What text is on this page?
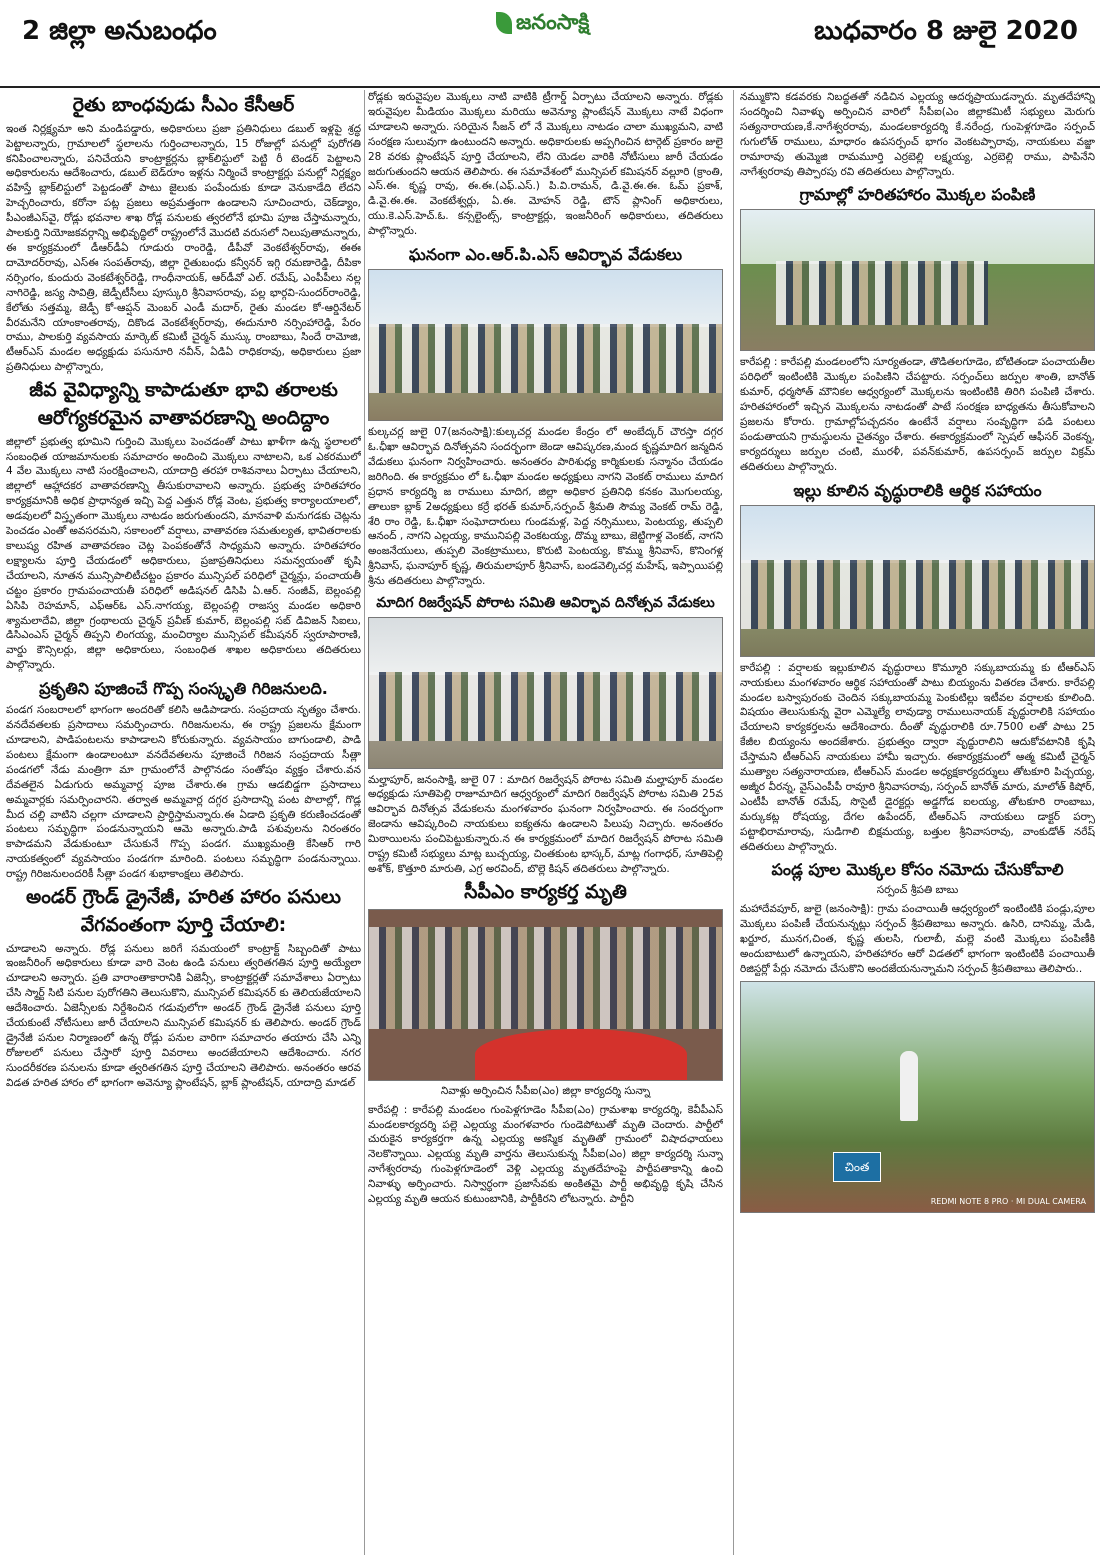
2 జిల్లా అనుబంధం	జనంసాక్షి	బుధవారం 8 జులై 2020
రైతు బాంధవుడు సీఎం కేసీఆర్

ఇంత నిర్లక్ష్యమా అని మండిపడ్డారు, అధికారులు ప్రజా ప్రతినిధులు డబుల్ ఇళ్లపై శ్రద్ధ పెట్టాలన్నారు, గ్రామాలలో స్థలాలను గుర్తించాలన్నారు, 15 రోజుల్లో పనుల్లో పురోగతి కనిపించాలన్నారు, పనిచేయని కాంట్రాక్టర్లను బ్లాక్‌లిస్టులో పెట్టి రీ టెండర్ పెట్టాలని అధికారులను ఆదేశించారు, డబుల్ బెడ్‌రూం ఇళ్లను నిర్మించే కాంట్రాక్టర్లు పనుల్లో నిర్లక్ష్యం వహిస్తే బ్లాక్‌లిస్టులో పెట్టడంతో పాటు జైలుకు పంపేందుకు కూడా వెనుకాడేది లేదని హెచ్చరించారు, కరోనా పట్ల ప్రజలు అప్రమత్తంగా ఉండాలని సూచించారు, చెక్‌డ్యాం, పీఎంజీఎస్‌వై, రోడ్లు భవనాల శాఖ రోడ్ల పనులకు త్వరలోనే భూమి పూజ చేస్తామన్నారు, పాలకుర్తి నియోజకవర్గాన్ని అభివృద్ధిలో రాష్ట్రంలోనే మొదటి వరుసలో నిలుపుతామన్నారు, ఈ కార్యక్రమంలో డీఆర్‌డీఏ గూడురు రాంరెడ్డి, డీపీవో వెంకటేశ్వర్‌రావు, ఈఈ దామోదర్‌రావు, ఎస్‌ఈ సంపత్‌రావు, జిల్లా రైతుబంధు కన్వీనర్ ఇగ్గి రమణారెడ్డి, దీపికా నర్సింగం, కుందురు వెంకటేశ్వర్‌రెడ్డి, గాంధీనాయక్, ఆర్‌డీవో ఎల్. రమేష్, ఎంపీపీలు నల్ల నాగిరెడ్డి, జస్య సావిత్రి, జెడ్పీటీసీలు పూస్కురి శ్రీనివాసరావు, పల్ల భార్గవి-సుందర్‌రాంరెడ్డి, కేలోతు సత్తమ్మ, జెడ్పీ కో-ఆప్షన్ మెంబర్ ఎండీ మదార్, రైతు మండల కో-ఆర్డినేటర్ వీరమనేని యాంకాంతరావు, దికొండ వెంకటేశ్వర్‌రావు, ఈదునూరి నర్సింహారెడ్డి, పేరం రాము, పాలకుర్తి వ్యవసాయ మార్కెట్ కమిటీ చైర్మన్ ముస్కు రాంబాబు, సిందే రామోజి, టీఆర్ఎస్ మండల అధ్యక్షుడు పసునూరి నవీన్, ఏడిఏ రాధికరావు, అధికారులు ప్రజా ప్రతినిధులు పాల్గొన్నారు,

జీవ వైవిధ్యాన్ని కాపాడుతూ భావి తరాలకు
ఆరోగ్యకరమైన వాతావరణాన్ని అందిద్దాం

జిల్లాలో ప్రభుత్వ భూమిని గుర్తించి మొక్కలు పెంచడంతో పాటు ఖాళీగా ఉన్న స్థలాలలో సంబంధిత యాజమానులకు సమాచారం అందించి మొక్కలు నాటాలని, ఒక ఎకరములో 4 వేల మొక్కలు నాటి సంరక్షించాలని, యాదాద్రి తరహా రాశివనాలు ఏర్పాటు చేయాలని, జిల్లాలో ఆహ్లాదకర వాతావరణాన్ని తీసుకురావాలని అన్నారు. ప్రభుత్వ హరితహారం కార్యక్రమానికి అధిక ప్రాధాన్యత ఇచ్చి పెద్ద ఎత్తున రోడ్ల వెంట, ప్రభుత్వ కార్యాలయాలలో, అడవులలో విస్తృతంగా మొక్కలు నాటడం జరుగుతుందని, మానవాళి మనుగడకు చెట్లను పెంచడం ఎంతో అవసరమని, సకాలంలో వర్షాలు, వాతావరణ సమతుల్యత, భావితరాలకు కాలుష్య రహిత వాతావరణం చెట్ల పెంపకంతోనే సాధ్యమని అన్నారు. హరితహారం లక్ష్యాలను పూర్తి చేయడంలో అధికారులు, ప్రజాప్రతినిధులు సమన్వయంతో కృషి చేయాలని, నూతన మున్సిపాలిటీచట్టం ప్రకారం మున్సిపల్ పరిధిలో చైర్మన్లు, పంచాయతీ చట్టం ప్రకారం గ్రామపంచాయతీ పరిధిలో అడిషనల్ డిసిపి ఏ.ఆర్. సంజీవ్, బెల్లంపల్లి ఏసిపి రెహమాన్, ఎఫ్‌ఆర్ఓ ఎస్.నాగయ్య, బెల్లంపల్లి రాజస్వ మండల అధికారి శ్యామలాదేవి, జిల్లా గ్రంథాలయ చైర్మన్ ప్రవీణ్ కుమార్, బెల్లంపల్లి సబ్ డివిజన్ సిఐలు, డిసిఎంఎస్ చైర్మన్ తిప్పని లింగయ్య, మంచిర్యాల మున్సిపల్ కమీషనర్ స్వరూపారాణి, వార్డు కౌన్సిలర్లు, జిల్లా అధికారులు, సంబంధిత శాఖల అధికారులు తదితరులు పాల్గొన్నారు.

ప్రకృతిని పూజించే గొప్ప సంస్కృతి గిరిజనులది.

పండగ సంబరాలలో భాగంగా అందరితో కలిసి ఆడిపాడారు. సంప్రదాయ నృత్యం చేశారు. వనదేవతలకు ప్రసాదాలు సమర్పించారు. గిరిజనులను, ఈ రాష్ట్ర ప్రజలను క్షేమంగా చూడాలని, పాడిపంటలను కాపాడాలని కోరుకున్నారు. వ్యవసాయం బాగుండాలి, పాడి పంటలు క్షేమంగా ఉండాలంటూ వనదేవతలను పూజించే గిరిజన సంప్రదాయ సీత్లా పండగలో నేడు మంత్రిగా మా గ్రామంలోనే పాల్గొనడం సంతోషం వ్యక్తం చేశారు.వన దేవతలైన ఏడుగురు అమ్మవార్ల పూజ చేశారు.ఈ గ్రామ ఆడబిడ్డగా ప్రసాదాలు అమ్మవార్లకు సమర్పించారని. తర్వాత అమ్మవార్ల దగ్గర ప్రసాదాన్ని పంట పొలాల్లో, గొడ్ల మీద చల్లి వాటిని చల్లగా చూడాలని ప్రార్థిస్తామన్నారు.ఈ ఏడాది ప్రకృతి కరుణించడంతో పంటలు సమృద్ధిగా పండనున్నాయని ఆమె అన్నారు.పాడి పశువులను నిరంతరం కాపాడమని వేడుకుంటూ చేసుకునే గొప్ప పండగ. ముఖ్యమంత్రి కేసిఆర్ గారి నాయకత్వంలో వ్యవసాయం పండగగా మారింది. పంటలు సమృద్ధిగా పండనున్నాయి. రాష్ట్ర గిరిజనులందరికీ సీత్లా పండగ శుభాకాంక్షలు తెలిపారు.

అండర్ గ్రౌండ్ డ్రైనేజీ, హరిత హారం పనులు
వేగవంతంగా పూర్తి చేయాలి:

చూడాలని అన్నారు. రోడ్ల పనులు జరిగే సమయంలో కాంట్రాక్ట్ సిబ్బందితో పాటు ఇంజనీరింగ్ అధికారులు కూడా వారి వెంట ఉండి పనులు త్వరితగతిన పూర్తి అయ్యేలా చూడాలని అన్నారు. ప్రతి వారాంతాకారానికి ఏజెన్సీ, కాంట్రాక్టర్లతో సమావేశాలు ఏర్పాటు చేసి స్మార్ట్ సిటి పనుల పురోగతిని తెలుసుకొని, మున్సిపల్ కమిషనర్ కు తెలియజేయాలని ఆదేశించారు. ఏజెన్సీలకు నిర్దేశించిన గడువులోగా అండర్ గ్రౌండ్ డ్రైనేజీ పనులు పూర్తి చేయకుంటే నోటీసులు జారీ చేయాలని మున్సిపల్ కమిషనర్ కు తెలిపారు. అండర్ గ్రౌండ్ డ్రైనేజీ పనుల నిర్మాణంలో ఉన్న రోడ్లు పనుల వారిగా సమాచారం తయారు చేసి ఎన్ని రోజులలో పనులు చేస్తారో పూర్తి వివరాలు అందజేయాలని ఆదేశించారు. నగర సుందరీకరణ పనులను కూడా త్వరితగతిన పూర్తి చేయాలని తెలిపారు. అనంతరం ఆరవ విడత హరిత హారం లో భాగంగా అవెన్యూ ప్లాంటేషన్, బ్లాక్ ప్లాంటేషన్, యాదాద్రి మాడల్

రోడ్లకు ఇరువైపుల మొక్కలు నాటి వాటికి ట్రీగార్డ్ ఏర్పాటు చేయాలని అన్నారు. రోడ్లకు ఇరువైపుల మీడియం మొక్కలు మరియు అవెన్యూ ప్లాంటేషన్ మొక్కలు నాటే విధంగా చూడాలని అన్నారు. సరియైన సీజన్ లో నే మొక్కలు నాటడం చాలా ముఖ్యమని, వాటి సంరక్షణ సులువుగా ఉంటుందని అన్నారు. అధికారులకు అప్పగించిన టార్గెట్ ప్రకారం జులై 28 వరకు ప్లాంటేషన్ పూర్తి చేయాలని, లేని యెడల వారికి నోటీసులు జారీ చేయడం జరుగుతుందని ఆయన తెలిపారు. ఈ సమావేశంలో మున్సిపల్ కమిషనర్ వల్లూరి (క్రాంతి, ఎస్.ఈ. కృష్ణ రావు, ఈ.ఈ.(ఎఫ్.ఎస్.) పి.వి.రామన్, డి.వై.ఈ.ఈ. ఓమ్ ప్రకాశ్, డి.వై.ఈ.ఈ. వెంకటేశ్వర్లు, ఏ.ఈ. మోహన్ రెడ్డి, టౌన్ ప్లానింగ్ అధికారులు, యు.కె.ఎస్.హెచ్.ఓ. కన్సల్టెంట్స్, కాంట్రాక్టర్లు, ఇంజనీరింగ్ అధికారులు, తదితరులు పాల్గొన్నారు.

ఘనంగా ఎం.ఆర్.పి.ఎస్ ఆవిర్భావ వేడుకలు

కుల్కచర్ల జులై 07(జనంసాక్షి):కుల్కచర్ల మండల కేంద్రం లో అంబేద్కర్ చౌరస్తా దగ్గర ఓ.ఛీఖా ఆవిర్భావ దినోత్సవని సందర్భంగా జెండా ఆవిష్కరణ,మంద కృష్ణమాదిగ జన్మదిన వేడుకలు ఘనంగా నిర్వహించారు. అనంతరం పారిశుధ్య కార్మికులకు సన్మానం చేయడం జరిగింది. ఈ కార్యక్రమం లో ఓ.ఛీఖా మండల అధ్యక్షులు నాగని వెంకట్ రాములు మాదిగ ప్రధాన కార్యదర్శి జ రాములు మాదిగ, జిల్లా అధికార ప్రతినిధి కనకం మొగులయ్య, తాలుకా బ్లాక్ 2అధ్యక్షులు కర్రే భరత్ కుమార్,సర్పంచ్ శ్రీమతి సౌమ్య వెంకట్ రామ్ రెడ్డి, శేరి రాం రెడ్డి, ఓ.ఛీఖా సంఘోదారులు గుండమళ్ల, పెద్ద నర్సిములు, పెంటయ్య, తుప్పలి ఆనంద్ , నాగని ఎల్లయ్య, కామునిపల్లి వెంకటయ్య, దొమ్మ బాబు, జెట్టిగాళ్ల వెంకట్, నాగని అంజనేయులు, తుప్పలి వెంకట్రాములు, కొరుటి పెంటయ్య, కొమ్ము శ్రీనివాస్, కొనింగళ్ల శ్రీనివాస్, ఘనాపూర్ కృష్ణ, తిరుమలాపూర్ శ్రీనివాస్, బండవెల్కిచర్ల మహేష్, ఇప్పాయిపల్లి శ్రీను తదితరులు పాల్గొన్నారు.

మాదిగ రిజర్వేషన్ పోరాట సమితి ఆవిర్భావ దినోత్సవ వేడుకలు

మల్హాపూర్, జనంసాక్షి, జులై 07 : మాదిగ రిజర్వేషన్ పోరాట సమితి మల్హాపూర్ మండల అధ్యక్షుడు సూతిపెల్లి రాజూమాదిగ ఆధ్వర్యంలో మాదిగ రిజర్వేషన్ పోరాట సమితి 25వ ఆవిర్భావ దినోత్సవ వేడుకలను మంగళవారం ఘనంగా నిర్వహించారు. ఈ సందర్భంగా జెండాను ఆవిష్కరించి నాయకులు ఐక్యతను ఉండాలని పిలుపు నిచ్చారు. అనంతరం మిఠాయిలను పంచిపెట్టుకున్నారు.న ఈ కార్యక్రమంలో మాదిగ రిజర్వేషన్ పోరాట సమితి రాష్ట్ర కమిటీ సభ్యులు మాట్ల బుచ్చయ్య, చింతకుంట భాస్కర్, మాట్ల గంగాధర్, సూతిపెల్లి అశోక్, కొత్తూరి మారుతి, ఎగ్ర అరవింద్, బొల్లె కిషన్ తదితరులు పాల్గొన్నారు.

సీపీఎం కార్యకర్త మృతి
నివాళ్లు అర్పించిన సీపీఐ(ఎం) జిల్లా కార్యదర్శి సున్నా

కారేపల్లి : కారేపల్లి మండలం గుంపెళ్లగూడెం సీపీఐ(ఎం) గ్రామశాఖ కార్యదర్శి, కెవీపీఎస్ మండలకార్యదర్శి పల్లె ఎల్లయ్య మంగళవారం గుండెపోటుతో మృతి చెందారు. పార్టీలో చురుకైన కార్యకర్తగా ఉన్న ఎల్లయ్య అకస్మిక మృతితో గ్రామంలో విషాదఛాయలు నెలకొన్నాయి. ఎల్లయ్య మృతి వార్తను తెలుసుకున్న సీపీఐ(ఎం) జిల్లా కార్యదర్శి సున్నా నాగేశ్వరరావు గుంపెళ్లగూడెంలో వెళ్లి ఎల్లయ్య మృతదేహంపై పార్టీపతాకాన్ని ఉంచి నివాళ్ళు అర్పించారు. నిస్వార్ధంగా ప్రజాసేవకు అంకితమై పార్టీ అభివృద్ధి కృషి చేసిన ఎల్లయ్య మృతి ఆయన కుటుంబానికి, పార్టీకిరని లోటన్నారు. పార్టీని

నమ్ముకొని కడవరకు నిబద్ధతతో నడిచిన ఎల్లయ్య ఆదర్శప్రాయుడన్నారు. మృతదేహాన్ని సందర్శించి నివాళ్ళు అర్పించిన వారిలో సీపీఐ(ఎం జిల్లాకమిటీ సభ్యులు మెరుగు సత్యనారాయణ,కే.నాగేశ్వరరావు, మండలకార్యదర్శి కే.నరేంద్ర, గుంపెళ్లగూడెం సర్పంచ్ గుగులోత్ రాములు, మాధారం ఉపసర్పంచ్ భాగం వెంకటప్పారావు, నాయకులు వజ్జా రామారావు తుమ్మెజి రామమూర్తి ఎర్రబెల్లి లక్ష్మయ్య, ఎర్రబెల్లి రాము, పాపినేని నాగేశ్వరరావు తిప్పారపు రవి తదితరులు పాల్గొన్నారు.

గ్రామాల్లో హరితహారం మొక్కల పంపిణి

కారేపల్లి : కారేపల్లి మండలంలోని సూర్యతండా, తొడితలగూడెం, బోటితండా పంచాయతీల పరిధిలో ఇంటింటికి మొక్కల పంపిణిని చేపట్టారు. సర్పంచ్‌లు జర్పుల శాంతి, బానోత్ కుమార్, ధర్మసోత్ మౌనికల ఆధ్వర్యంలో మొక్కలను ఇంటింటికి తిరిగి పంపిణి చేశారు. హరితహారంలో ఇచ్చిన మొక్కలను నాటడంతో పాటే సంరక్షణ బాధ్యతను తీసుకోవాలని ప్రజలను కోరారు. గ్రామాల్లోపచ్చదనం ఉంటేనే వర్షాలు సంవృద్ధిగా పడి పంటలు పండుతాయని గ్రామస్థులను చైతన్యం చేశారు. ఈకార్యక్రమంలో స్పెషల్ ఆఫీసర్ వెంకన్న, కార్యదర్శులు జర్పుల చంటి, మురళీ, పవన్‌కుమార్, ఉపసర్పంచ్ జర్పుల విక్రమ్ తదితరులు పాల్గొన్నారు.

ఇల్లు కూలిన వృద్ధురాలికి ఆర్థిక సహాయం

కారేపల్లి : వర్షాలకు ఇల్లుకూలిన వృద్ధురాలు కొమ్మూరి సక్కుబాయమ్మ కు టీఆర్ఎస్ నాయకులు మంగళవారం ఆర్థిక సహాయంతో పాటు బియ్యంను వితరణ చేశారు. కారేపల్లి మండల బస్వాపురంకు చెందిన సక్కుబాయమ్మ పెంకుటిల్లు ఇటీవల వర్షాలకు కూలింది. విషయం తెలుసుకున్న వైరా ఎమ్మెల్యే లావుడ్యా రాములునాయక్ వృద్ధురాలికి సహాయం చేయాలని కార్యకర్తలను ఆదేశించారు. దీంతో వృద్ధురాలికి రూ.7500 లతో పాటు 25 కేజీల బియ్యంను అందజేశారు. ప్రభుత్వం ద్వారా వృద్ధురాలిని ఆదుకోవటానికి కృషి చేస్తామని టీఆర్ఎస్ నాయకులు హామీ ఇచ్చారు. ఈకార్యక్రమంలో ఆత్మ కమిటీ చైర్మన్ ముత్యాల సత్యనారాయణ, టీఆర్ఎస్ మండల అధ్యక్షకార్యదర్శులు తోటకూరి పిచ్చయ్య, అజ్మీర వీరన్న, వైస్‌ఎంపీపీ రావూరి శ్రీనివాసరావు, సర్పంచ్ బానోత్ మారు, మాలోత్ కిషోర్, ఎంటీపీ బానోత్ రమేష్, సొసైటీ డైరక్టర్లు అడ్డగోడ ఐలయ్య, తోటకూరి రాంబాబు, మర్కుకట్ల రోషయ్య, దేగల ఉపేందర్, టీఆర్ఎస్ నాయకులు డాక్టర్ పర్సా పట్టాభిరామారావు, సుడిగాలి బిక్షమయ్య, బత్తుల శ్రీనివాసరావు, వాంకుడోత్ నరేష్ తదితరులు పాల్గొన్నారు.

పండ్ల పూల మొక్కల కోసం నమోదు చేసుకోవాలి
సర్పంచ్ శ్రీపతి బాబు

మహాదేవపూర్, జులై (జనంసాక్షి): గ్రామ పంచాయితీ ఆధ్వర్యంలో ఇంటింటికి పండ్లు,పూల మొక్కలు పంపిణీ చేయనున్నట్లు సర్పంచ్ శ్రీపతిబాబు అన్నారు. ఉసిరి, దానిమ్మ, మేడి, ఖర్జూర, మునగ,చింత, కృష్ణ తులసి, గులాబీ, మల్లె వంటి మొక్కలు పంపిణీకి అందుబాటులో ఉన్నాయని, హరితహారం ఆరో విడతలో భాగంగా ఇంటింటికి పంచాయితీ రిజిస్టర్లో పేర్లు నమోదు చేసుకొని అందజేయనున్నామని సర్పంచ్ శ్రీపతిబాబు తెలిపారు..

చింత
REDMI NOTE 8 PRO · MI DUAL CAMERA
